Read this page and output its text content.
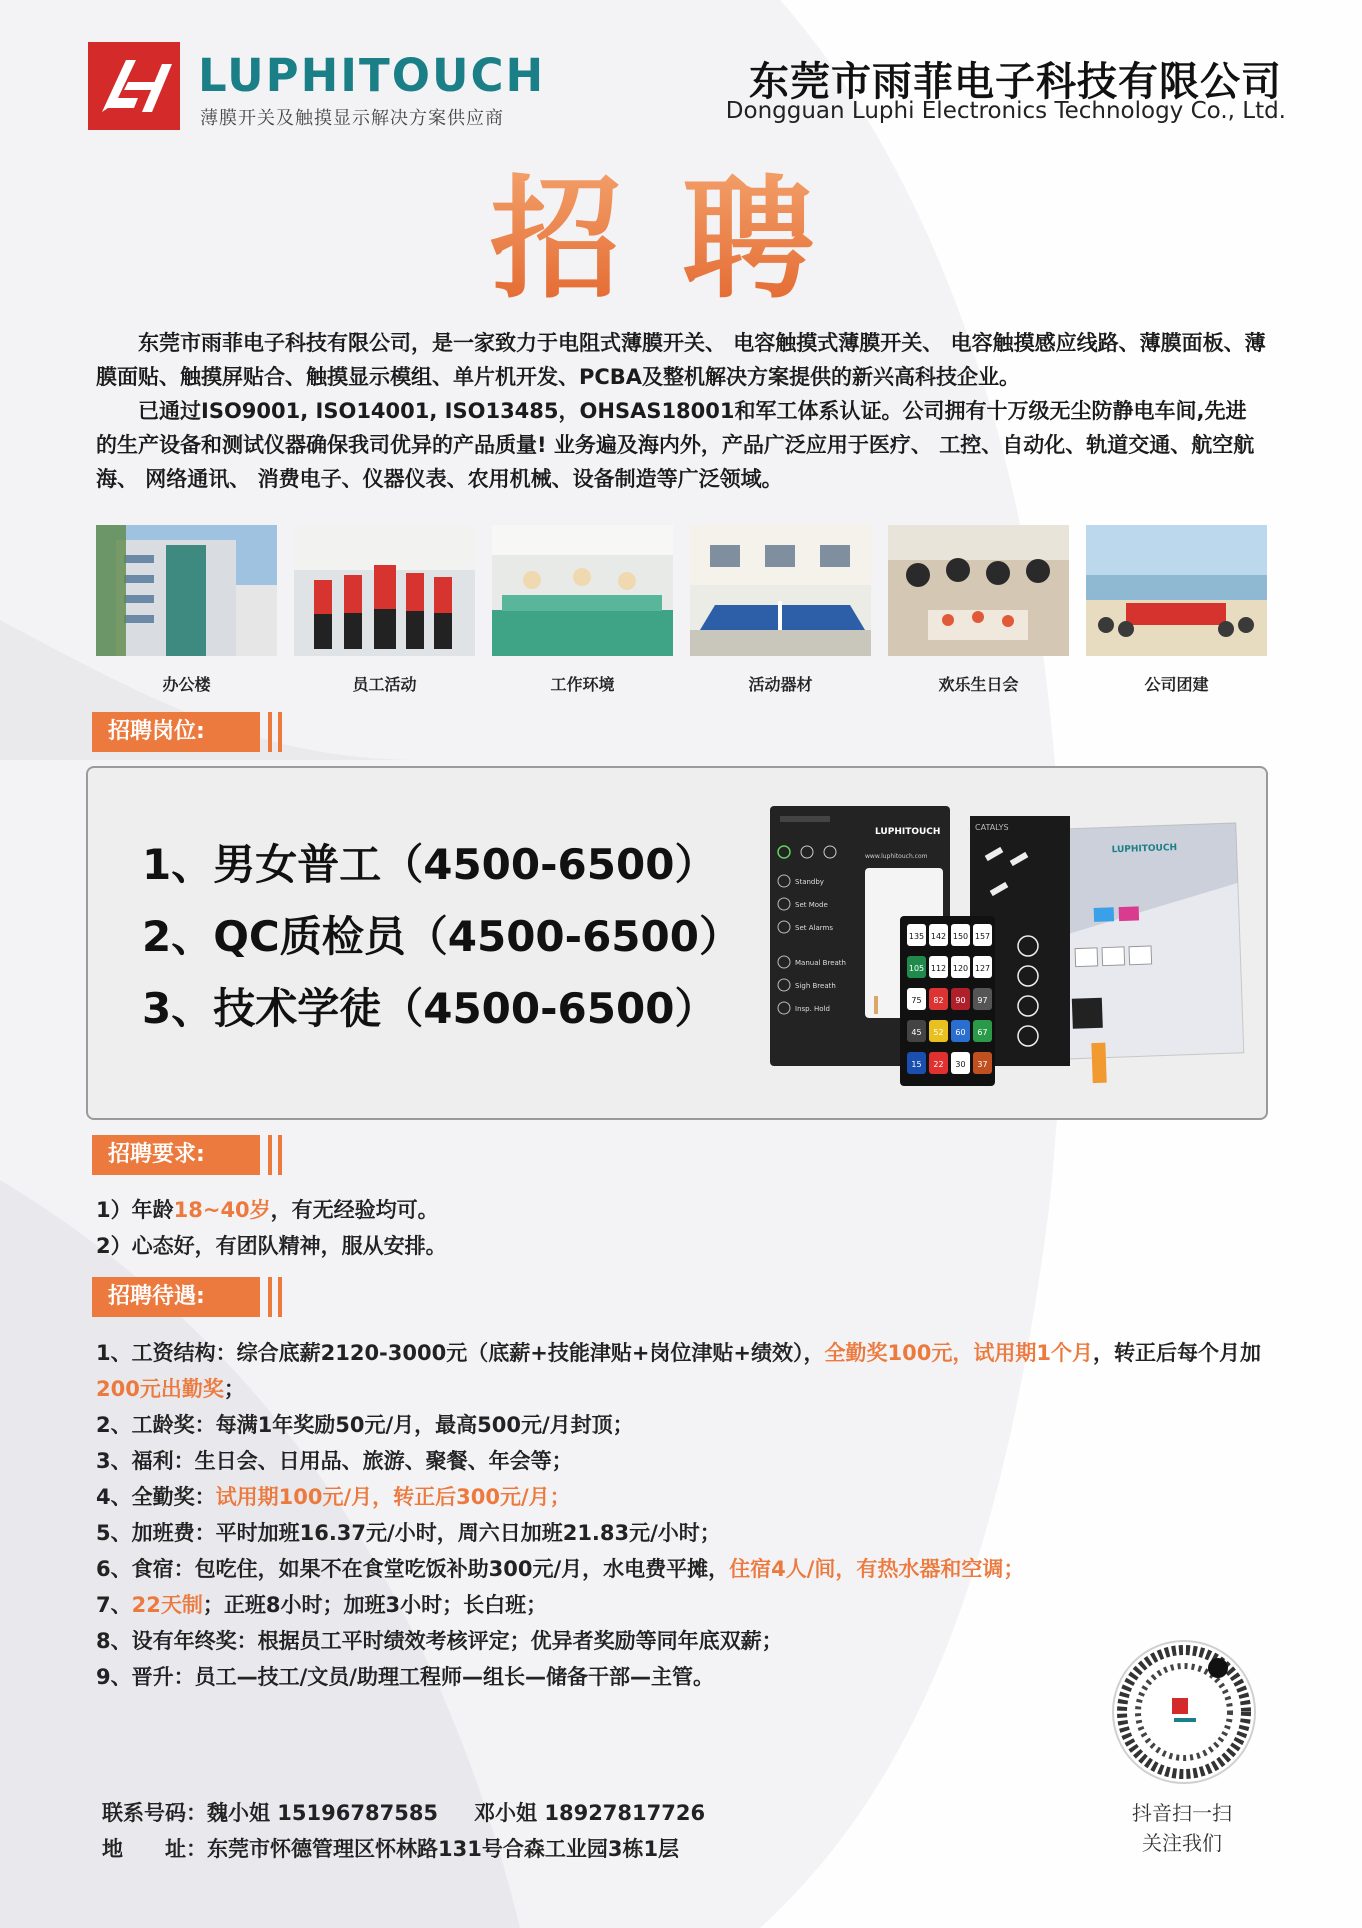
LUPHITOUCH
薄膜开关及触摸显示解决方案供应商
东莞市雨菲电子科技有限公司
Dongguan Luphi Electronics Technology Co., Ltd.
招聘

东莞市雨菲电子科技有限公司，是一家致力于电阻式薄膜开关、 电容触摸式薄膜开关、 电容触摸感应线路、薄膜面板、薄膜面贴、触摸屏贴合、触摸显示模组、单片机开发、PCBA及整机解决方案提供的新兴高科技企业。

已通过ISO9001, ISO14001, ISO13485，OHSAS18001和军工体系认证。公司拥有十万级无尘防静电车间,先进的生产设备和测试仪器确保我司优异的产品质量! 业务遍及海内外，产品广泛应用于医疗、 工控、自动化、轨道交通、航空航海、 网络通讯、 消费电子、仪器仪表、农用机械、设备制造等广泛领域。

办公楼	员工活动	工作环境	活动器材	欢乐生日会	公司团建
招聘岗位:
1、男女普工（4500-6500）
2、QC质检员（4500-6500）
3、技术学徒（4500-6500）
LUPHITOUCH
CATALYS
LUPHITOUCH
www.luphitouch.com
Standby
Set Mode
Set Alarms
Manual Breath
Sigh Breath
Insp. Hold
135 142 150 157
105 112 120 127
75 82 90 97
45 52 60 67
15 22 30 37
招聘要求:
1）年龄18~40岁，有无经验均可。
2）心态好，有团队精神，服从安排。
招聘待遇:
1、工资结构：综合底薪2120-3000元（底薪+技能津贴+岗位津贴+绩效），全勤奖100元，试用期1个月，转正后每个月加200元出勤奖；
2、工龄奖：每满1年奖励50元/月，最高500元/月封顶；
3、福利：生日会、日用品、旅游、聚餐、年会等；
4、全勤奖：试用期100元/月，转正后300元/月；
5、加班费：平时加班16.37元/小时，周六日加班21.83元/小时；
6、食宿：包吃住，如果不在食堂吃饭补助300元/月，水电费平摊，住宿4人/间，有热水器和空调；
7、22天制；正班8小时；加班3小时；长白班；
8、设有年终奖：根据员工平时绩效考核评定；优异者奖励等同年底双薪；
9、晋升：员工—技工/文员/助理工程师—组长—储备干部—主管。
联系号码：魏小姐 15196787585 邓小姐 18927817726
地　　址：东莞市怀德管理区怀林路131号合森工业园3栋1层
抖音扫一扫
关注我们
